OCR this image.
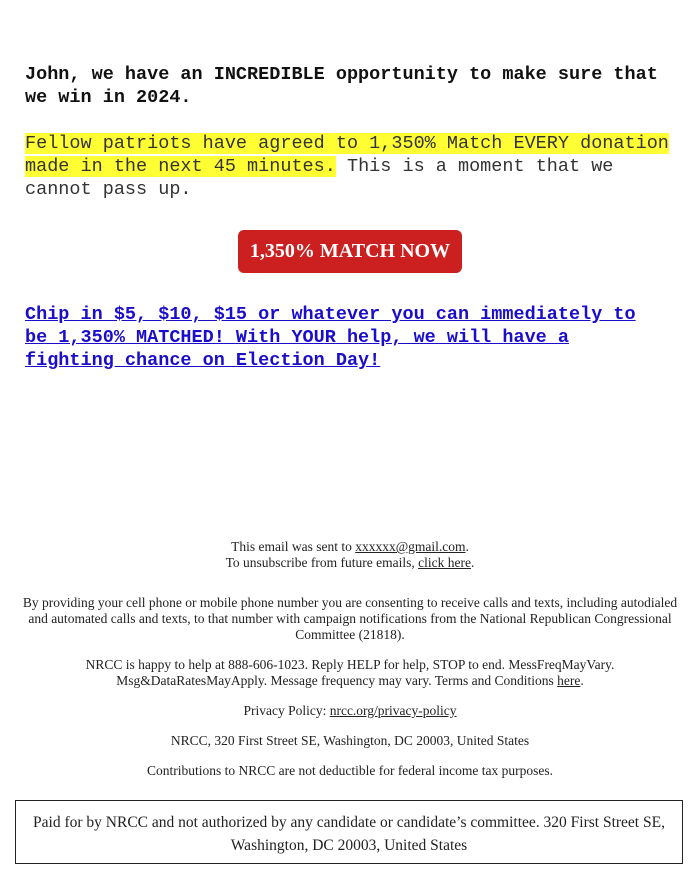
John, we have an INCREDIBLE opportunity to make sure that we win in 2024.
Fellow patriots have agreed to 1,350% Match EVERY donation made in the next 45 minutes. This is a moment that we cannot pass up.
1,350% MATCH NOW
Chip in $5, $10, $15 or whatever you can immediately to be 1,350% MATCHED! With YOUR help, we will have a fighting chance on Election Day!

This email was sent to xxxxxx@gmail.com.
To unsubscribe from future emails, click here.

By providing your cell phone or mobile phone number you are consenting to receive calls and texts, including autodialed and automated calls and texts, to that number with campaign notifications from the National Republican Congressional Committee (21818).

NRCC is happy to help at 888-606-1023. Reply HELP for help, STOP to end. MessFreqMayVary. Msg&DataRatesMayApply. Message frequency may vary. Terms and Conditions here.

Privacy Policy: nrcc.org/privacy-policy

NRCC, 320 First Street SE, Washington, DC 20003, United States

Contributions to NRCC are not deductible for federal income tax purposes.

Paid for by NRCC and not authorized by any candidate or candidate’s committee. 320 First Street SE, Washington, DC 20003, United States
